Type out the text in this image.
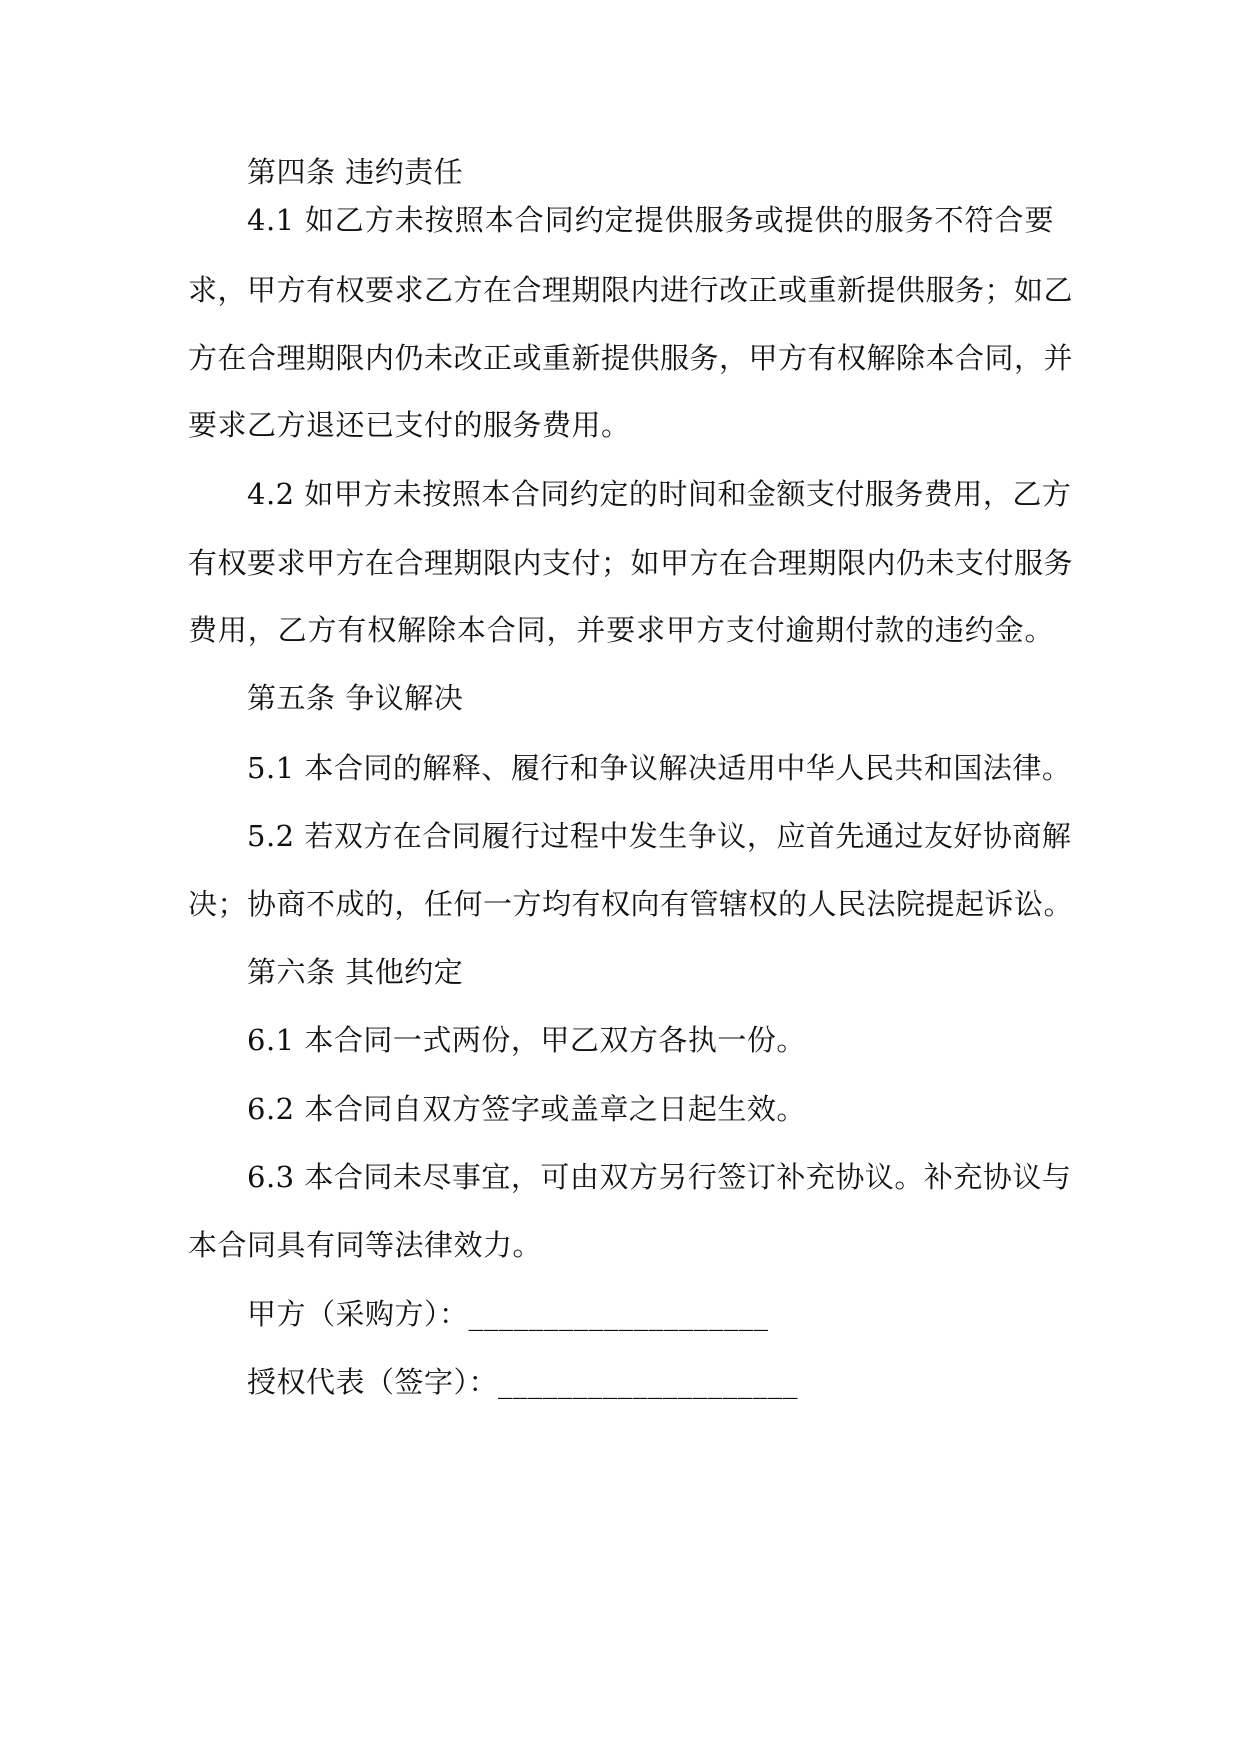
第四条 违约责任
4.1 如乙方未按照本合同约定提供服务或提供的服务不符合要
求，甲方有权要求乙方在合理期限内进行改正或重新提供服务；如乙
方在合理期限内仍未改正或重新提供服务，甲方有权解除本合同，并
要求乙方退还已支付的服务费用。
4.2 如甲方未按照本合同约定的时间和金额支付服务费用，乙方
有权要求甲方在合理期限内支付；如甲方在合理期限内仍未支付服务
费用，乙方有权解除本合同，并要求甲方支付逾期付款的违约金。
第五条 争议解决
5.1 本合同的解释、履行和争议解决适用中华人民共和国法律。
5.2 若双方在合同履行过程中发生争议，应首先通过友好协商解
决；协商不成的，任何一方均有权向有管辖权的人民法院提起诉讼。
第六条 其他约定
6.1 本合同一式两份，甲乙双方各执一份。
6.2 本合同自双方签字或盖章之日起生效。
6.3 本合同未尽事宜，可由双方另行签订补充协议。补充协议与
本合同具有同等法律效力。
甲方（采购方）：____________________
授权代表（签字）：____________________
